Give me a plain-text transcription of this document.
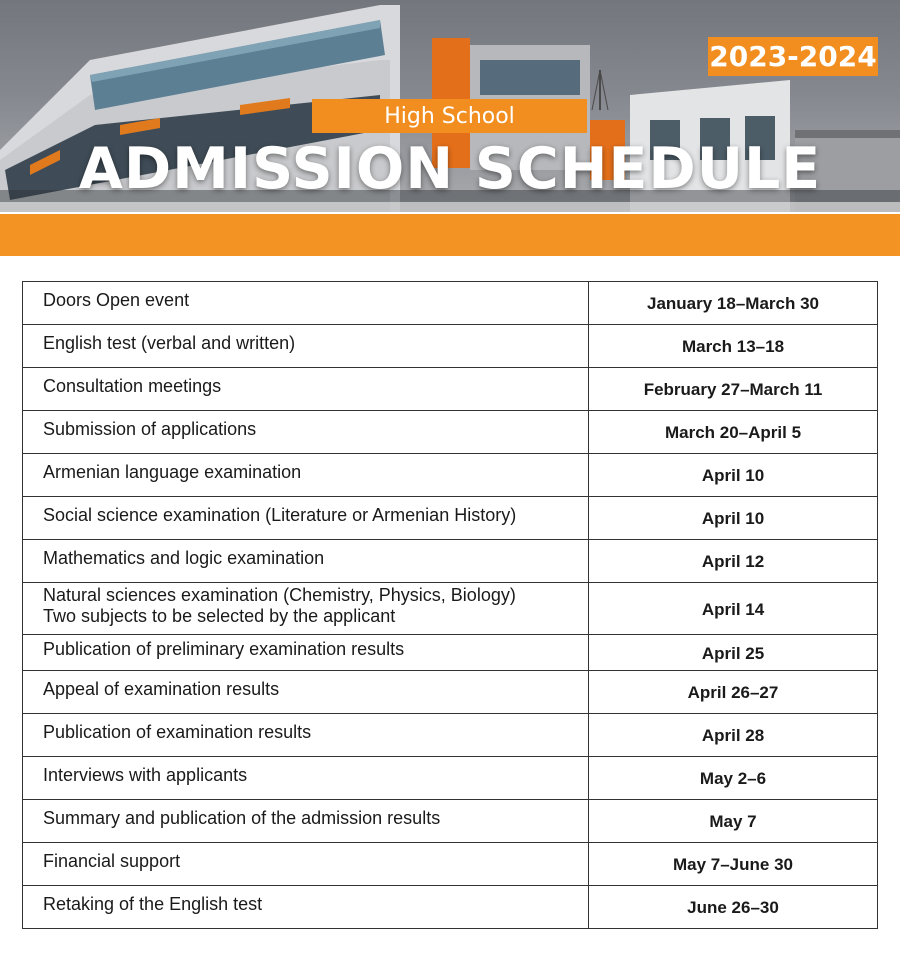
2023-2024
High School
ADMISSION SCHEDULE
Doors Open event	January 18–March 30
English test (verbal and written)	March 13–18
Consultation meetings	February 27–March 11
Submission of applications	March 20–April 5
Armenian language examination	April 10
Social science examination (Literature or Armenian History)	April 10
Mathematics and logic examination	April 12

Natural sciences examination (Chemistry, Physics, Biology)
Two subjects to be selected by the applicant	April 14
Publication of preliminary examination results	April 25
Appeal of examination results	April 26–27
Publication of examination results	April 28
Interviews with applicants	May 2–6
Summary and publication of the admission results	May 7
Financial support	May 7–June 30
Retaking of the English test	June 26–30
